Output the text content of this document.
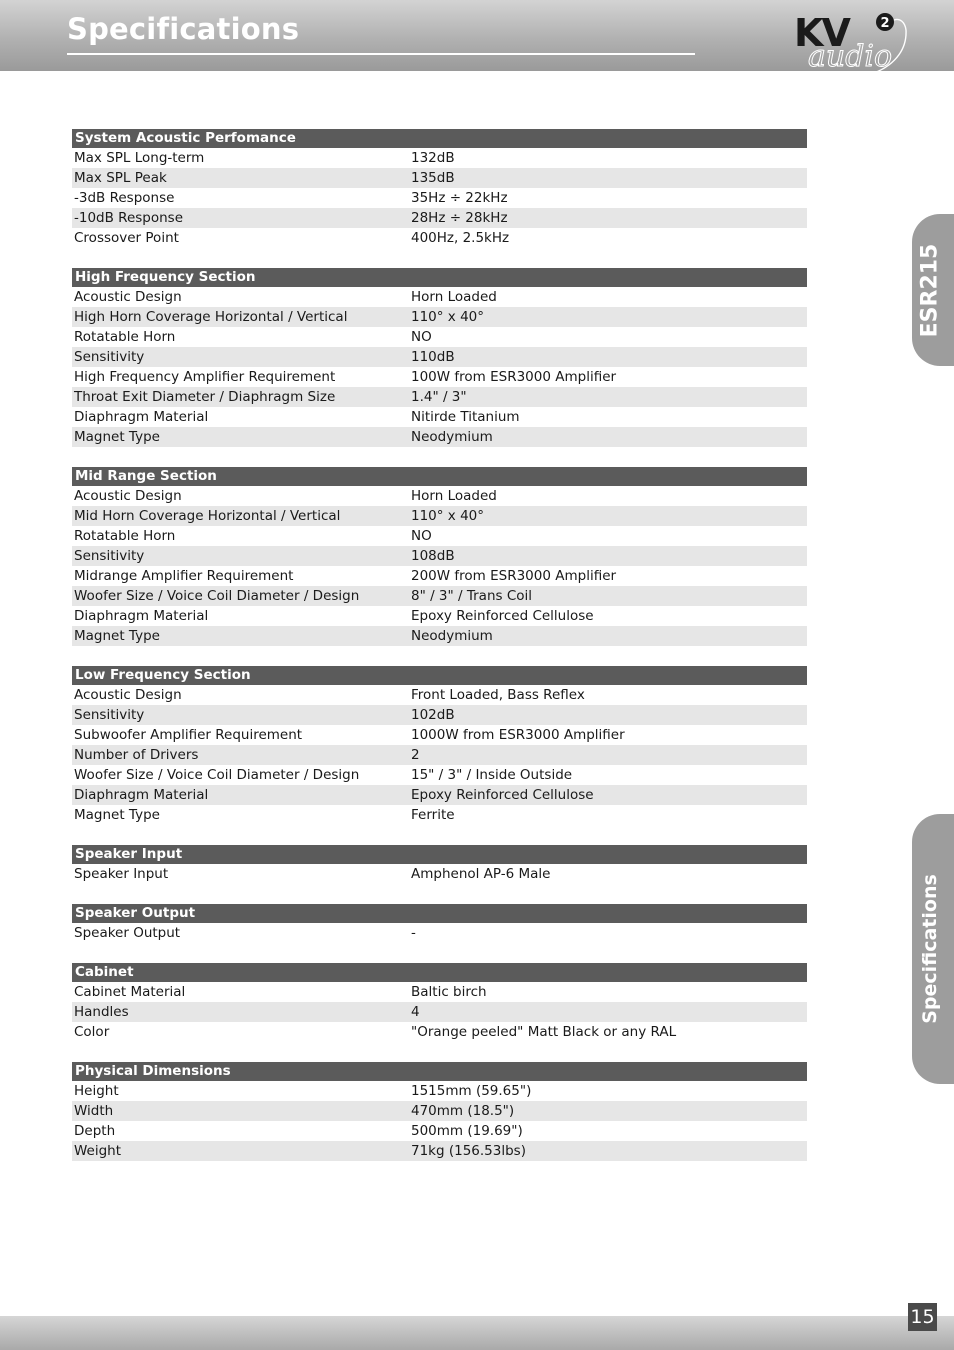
Specifications	KV
audio
2
ESR215
Specifications
System Acoustic Perfomance
Max SPL Long-term	132dB
Max SPL Peak	135dB
-3dB Response	35Hz ÷ 22kHz
-10dB Response	28Hz ÷ 28kHz
Crossover Point	400Hz, 2.5kHz
High Frequency Section
Acoustic Design	Horn Loaded
High Horn Coverage Horizontal / Vertical	110° x 40°
Rotatable Horn	NO
Sensitivity	110dB
High Frequency Amplifier Requirement	100W from ESR3000 Amplifier
Throat Exit Diameter / Diaphragm Size	1.4" / 3"
Diaphragm Material	Nitirde Titanium
Magnet Type	Neodymium
Mid Range Section
Acoustic Design	Horn Loaded
Mid Horn Coverage Horizontal / Vertical	110° x 40°
Rotatable Horn	NO
Sensitivity	108dB
Midrange Amplifier Requirement	200W from ESR3000 Amplifier
Woofer Size / Voice Coil Diameter / Design	8" / 3" / Trans Coil
Diaphragm Material	Epoxy Reinforced Cellulose
Magnet Type	Neodymium
Low Frequency Section
Acoustic Design	Front Loaded, Bass Reflex
Sensitivity	102dB
Subwoofer Amplifier Requirement	1000W from ESR3000 Amplifier
Number of Drivers	2
Woofer Size / Voice Coil Diameter / Design	15" / 3" / Inside Outside
Diaphragm Material	Epoxy Reinforced Cellulose
Magnet Type	Ferrite
Speaker Input
Speaker Input	Amphenol AP-6 Male
Speaker Output
Speaker Output	-
Cabinet
Cabinet Material	Baltic birch
Handles	4
Color	"Orange peeled" Matt Black or any RAL
Physical Dimensions
Height	1515mm (59.65")
Width	470mm (18.5")
Depth	500mm (19.69")
Weight	71kg (156.53lbs)
15
